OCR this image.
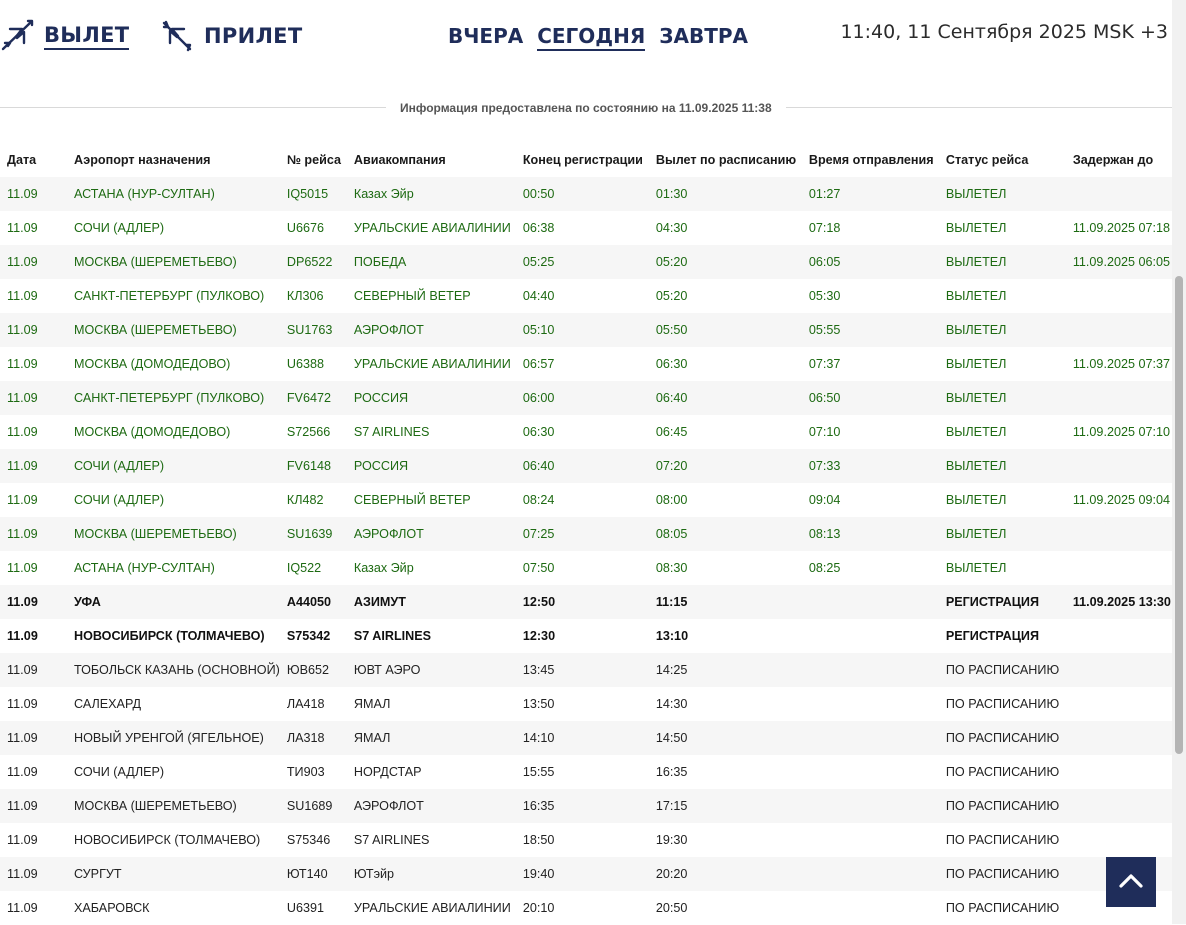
ВЫЛЕТ	ПРИЛЕТ	ВЧЕРА СЕГОДНЯ ЗАВТРА	11:40, 11 Сентября 2025 MSK +3
Информация предоставлена по состоянию на 11.09.2025 11:38
Дата	Аэропорт назначения	№ рейса	Авиакомпания	Конец регистрации	Вылет по расписанию	Время отправления	Статус рейса	Задержан до
11.09	АСТАНА (НУР-СУЛТАН)	IQ5015	Казах Эйр	00:50	01:30	01:27	ВЫЛЕТЕЛ	
11.09	СОЧИ (АДЛЕР)	U6676	УРАЛЬСКИЕ АВИАЛИНИИ	06:38	04:30	07:18	ВЫЛЕТЕЛ	11.09.2025 07:18
11.09	МОСКВА (ШЕРЕМЕТЬЕВО)	DP6522	ПОБЕДА	05:25	05:20	06:05	ВЫЛЕТЕЛ	11.09.2025 06:05
11.09	САНКТ-ПЕТЕРБУРГ (ПУЛКОВО)	КЛ306	СЕВЕРНЫЙ ВЕТЕР	04:40	05:20	05:30	ВЫЛЕТЕЛ	
11.09	МОСКВА (ШЕРЕМЕТЬЕВО)	SU1763	АЭРОФЛОТ	05:10	05:50	05:55	ВЫЛЕТЕЛ	
11.09	МОСКВА (ДОМОДЕДОВО)	U6388	УРАЛЬСКИЕ АВИАЛИНИИ	06:57	06:30	07:37	ВЫЛЕТЕЛ	11.09.2025 07:37
11.09	САНКТ-ПЕТЕРБУРГ (ПУЛКОВО)	FV6472	РОССИЯ	06:00	06:40	06:50	ВЫЛЕТЕЛ	
11.09	МОСКВА (ДОМОДЕДОВО)	S72566	S7 AIRLINES	06:30	06:45	07:10	ВЫЛЕТЕЛ	11.09.2025 07:10
11.09	СОЧИ (АДЛЕР)	FV6148	РОССИЯ	06:40	07:20	07:33	ВЫЛЕТЕЛ	
11.09	СОЧИ (АДЛЕР)	КЛ482	СЕВЕРНЫЙ ВЕТЕР	08:24	08:00	09:04	ВЫЛЕТЕЛ	11.09.2025 09:04
11.09	МОСКВА (ШЕРЕМЕТЬЕВО)	SU1639	АЭРОФЛОТ	07:25	08:05	08:13	ВЫЛЕТЕЛ	
11.09	АСТАНА (НУР-СУЛТАН)	IQ522	Казах Эйр	07:50	08:30	08:25	ВЫЛЕТЕЛ	
11.09	УФА	A44050	АЗИМУТ	12:50	11:15		РЕГИСТРАЦИЯ	11.09.2025 13:30
11.09	НОВОСИБИРСК (ТОЛМАЧЕВО)	S75342	S7 AIRLINES	12:30	13:10		РЕГИСТРАЦИЯ	
11.09	ТОБОЛЬСК КАЗАНЬ (ОСНОВНОЙ)	ЮВ652	ЮВТ АЭРО	13:45	14:25		ПО РАСПИСАНИЮ	
11.09	САЛЕХАРД	ЛА418	ЯМАЛ	13:50	14:30		ПО РАСПИСАНИЮ	
11.09	НОВЫЙ УРЕНГОЙ (ЯГЕЛЬНОЕ)	ЛА318	ЯМАЛ	14:10	14:50		ПО РАСПИСАНИЮ	
11.09	СОЧИ (АДЛЕР)	ТИ903	НОРДСТАР	15:55	16:35		ПО РАСПИСАНИЮ	
11.09	МОСКВА (ШЕРЕМЕТЬЕВО)	SU1689	АЭРОФЛОТ	16:35	17:15		ПО РАСПИСАНИЮ	
11.09	НОВОСИБИРСК (ТОЛМАЧЕВО)	S75346	S7 AIRLINES	18:50	19:30		ПО РАСПИСАНИЮ	
11.09	СУРГУТ	ЮТ140	ЮТэйр	19:40	20:20		ПО РАСПИСАНИЮ	
11.09	ХАБАРОВСК	U6391	УРАЛЬСКИЕ АВИАЛИНИИ	20:10	20:50		ПО РАСПИСАНИЮ	
